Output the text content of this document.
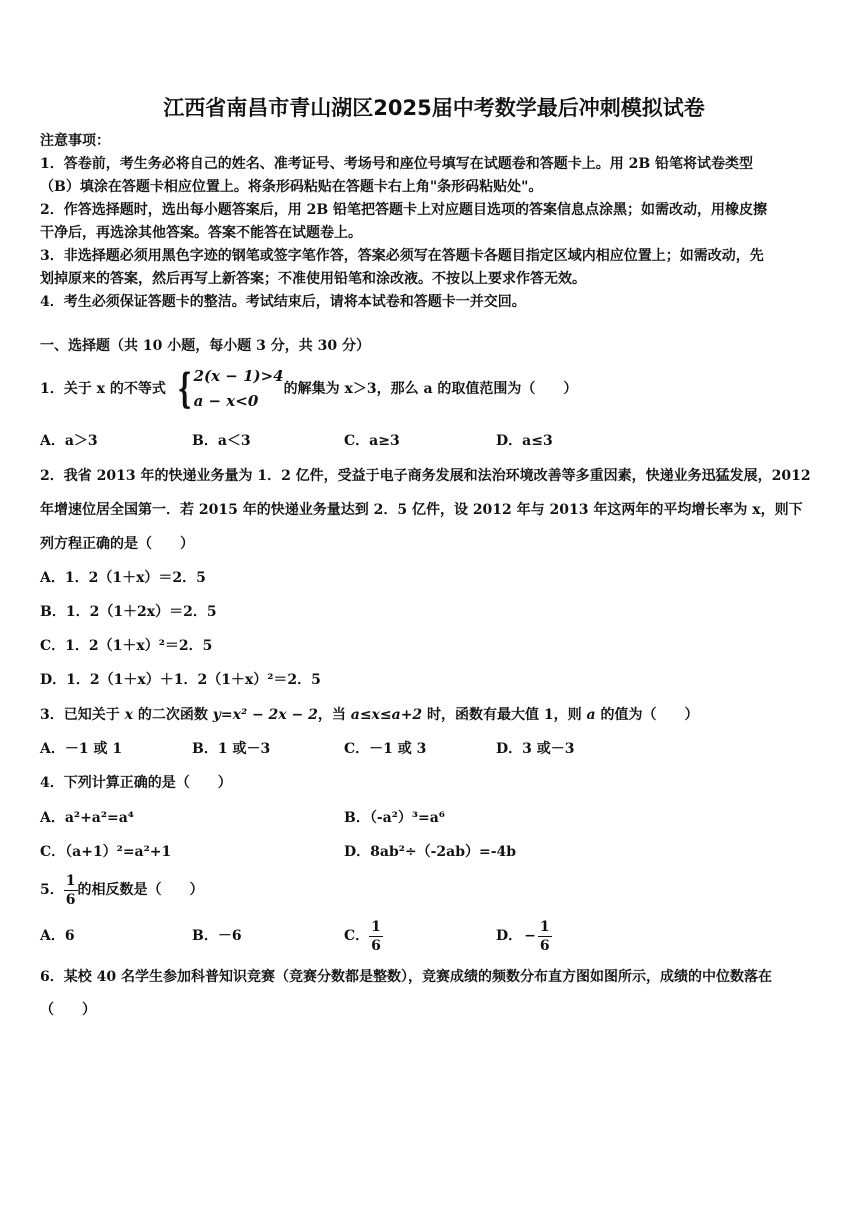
江西省南昌市青山湖区2025届中考数学最后冲刺模拟试卷
注意事项：
1．答卷前，考生务必将自己的姓名、准考证号、考场号和座位号填写在试题卷和答题卡上。用 2B 铅笔将试卷类型
（B）填涂在答题卡相应位置上。将条形码粘贴在答题卡右上角"条形码粘贴处"。
2．作答选择题时，选出每小题答案后，用 2B 铅笔把答题卡上对应题目选项的答案信息点涂黑；如需改动，用橡皮擦
干净后，再选涂其他答案。答案不能答在试题卷上。
3．非选择题必须用黑色字迹的钢笔或签字笔作答，答案必须写在答题卡各题目指定区域内相应位置上；如需改动，先
划掉原来的答案，然后再写上新答案；不准使用铅笔和涂改液。不按以上要求作答无效。
4．考生必须保证答题卡的整洁。考试结束后，请将本试卷和答题卡一并交回。
一、选择题（共 10 小题，每小题 3 分，共 30 分）
1．关于 x 的不等式 { 2(x − 1)>4
a − x<0
的解集为 x＞3，那么 a 的取值范围为（　　）
A．a＞3	B．a＜3	C．a≥3	D．a≤3
2．我省 2013 年的快递业务量为 1．2 亿件，受益于电子商务发展和法治环境改善等多重因素，快递业务迅猛发展，2012
年增速位居全国第一．若 2015 年的快递业务量达到 2．5 亿件，设 2012 年与 2013 年这两年的平均增长率为 x，则下
列方程正确的是（　　）
A．1．2（1＋x）＝2．5
B．1．2（1＋2x）＝2．5
C．1．2（1＋x）²＝2．5
D．1．2（1＋x）＋1．2（1＋x）²＝2．5
3．已知关于 x 的二次函数 y=x² − 2x − 2，当 a≤x≤a+2 时，函数有最大值 1，则 a 的值为（　　）
A．－1 或 1	B．1 或－3	C．－1 或 3	D．3 或－3
4．下列计算正确的是（　　）
A．a²+a²=a⁴	B．（-a²）³=a⁶
C．（a+1）²=a²+1	D．8ab²÷（-2ab）=-4b
5． $\frac{1}{6}$ 的相反数是（　　）
A．6	B．－6	C． $\frac{1}{6}$	D． − $\frac{1}{6}$
6．某校 40 名学生参加科普知识竞赛（竞赛分数都是整数），竞赛成绩的频数分布直方图如图所示，成绩的中位数落在
（　　）
